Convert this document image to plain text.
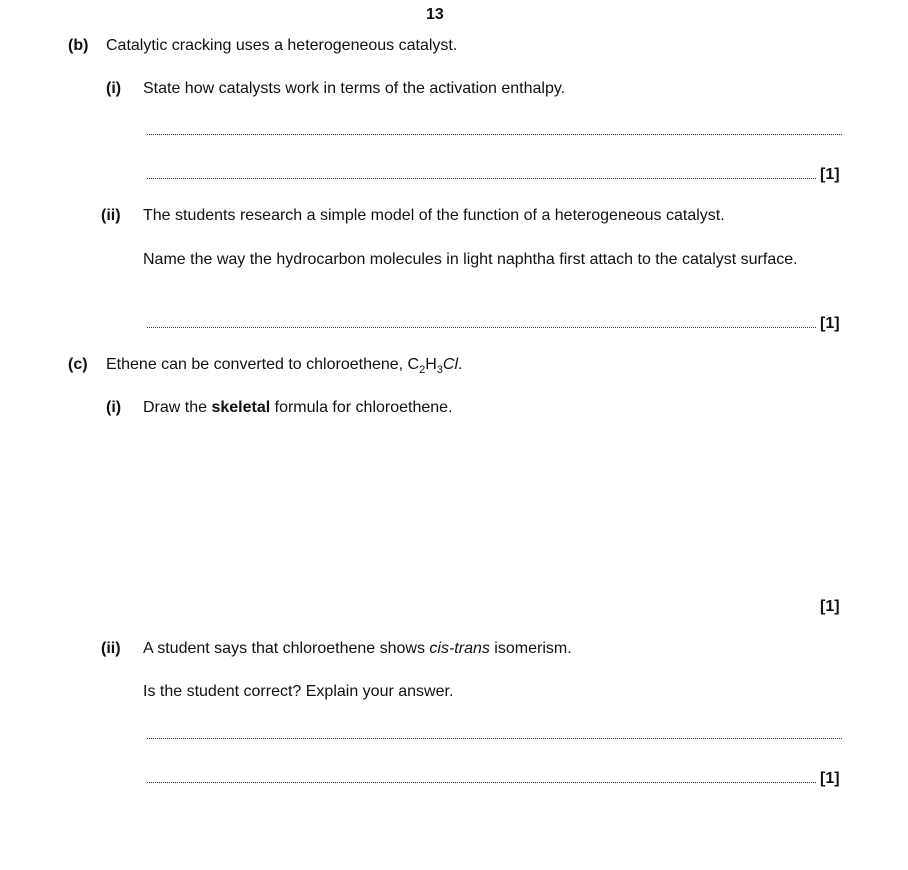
13
(b) Catalytic cracking uses a heterogeneous catalyst.
(i) State how catalysts work in terms of the activation enthalpy.
[1]
(ii) The students research a simple model of the function of a heterogeneous catalyst.
Name the way the hydrocarbon molecules in light naphtha first attach to the catalyst surface.
[1]
(c) Ethene can be converted to chloroethene, $C_2H_3Cl$.
(i) Draw the skeletal formula for chloroethene.
[1]
(ii) A student says that chloroethene shows cis-trans isomerism.
Is the student correct? Explain your answer.
[1]
